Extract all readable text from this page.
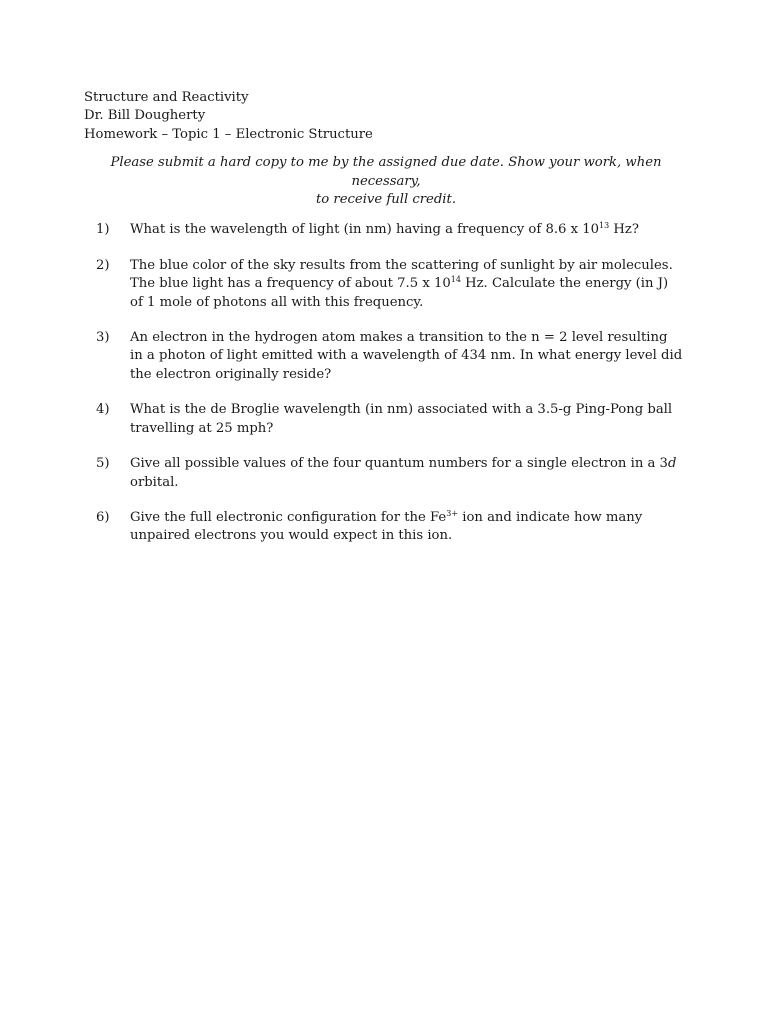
Structure and Reactivity

Dr. Bill Dougherty

Homework – Topic 1 – Electronic Structure

Please submit a hard copy to me by the assigned due date. Show your work, when necessary,
to receive full credit.
1)	What is the wavelength of light (in nm) having a frequency of 8.6 x $10^{13}$ Hz?
2)	The blue color of the sky results from the scattering of sunlight by air molecules. The blue light has a frequency of about 7.5 x $10^{14}$ Hz. Calculate the energy (in J) of 1 mole of photons all with this frequency.
3)	An electron in the hydrogen atom makes a transition to the n = 2 level resulting in a photon of light emitted with a wavelength of 434 nm. In what energy level did the electron originally reside?
4)	What is the de Broglie wavelength (in nm) associated with a 3.5-g Ping-Pong ball travelling at 25 mph?
5)	Give all possible values of the four quantum numbers for a single electron in a 3d orbital.
6)	Give the full electronic configuration for the $Fe^{3+}$ ion and indicate how many unpaired electrons you would expect in this ion.
